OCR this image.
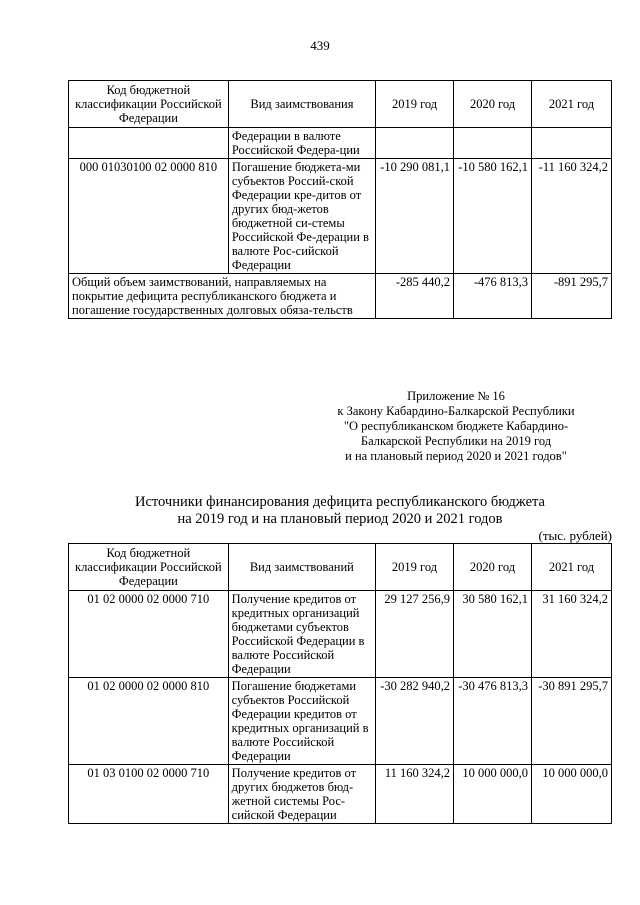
439
Код бюджетной классификации Российской Федерации	Вид заимствования	2019 год	2020 год	2021 год
	Федерации в валюте Российской Федера-ции			
000 01030100 02 0000 810	Погашение бюджета-ми субъектов Россий-ской Федерации кре-дитов от других бюд-жетов бюджетной си-стемы Российской Фе-дерации в валюте Рос-сийской Федерации	-10 290 081,1	-10 580 162,1	-11 160 324,2
Общий объем заимствований, направляемых на покрытие дефицита республиканского бюджета и погашение государственных долговых обяза-тельств		-285 440,2	-476 813,3	-891 295,7
Приложение № 16
к Закону Кабардино-Балкарской Республики
"О республиканском бюджете Кабардино-
Балкарской Республики на 2019 год
и на плановый период 2020 и 2021 годов"
Источники финансирования дефицита республиканского бюджета
на 2019 год и на плановый период 2020 и 2021 годов
(тыс. рублей)
Код бюджетной классификации Российской Федерации	Вид заимствований	2019 год	2020 год	2021 год
01 02 0000 02 0000 710	Получение кредитов от кредитных организаций бюджетами субъектов Российской Федерации в валюте Российской Федерации	29 127 256,9	30 580 162,1	31 160 324,2
01 02 0000 02 0000 810	Погашение бюджетами субъектов Российской Федерации кредитов от кредитных организаций в валюте Российской Федерации	-30 282 940,2	-30 476 813,3	-30 891 295,7
01 03 0100 02 0000 710	Получение кредитов от других бюджетов бюд-жетной системы Рос-сийской Федерации	11 160 324,2	10 000 000,0	10 000 000,0
